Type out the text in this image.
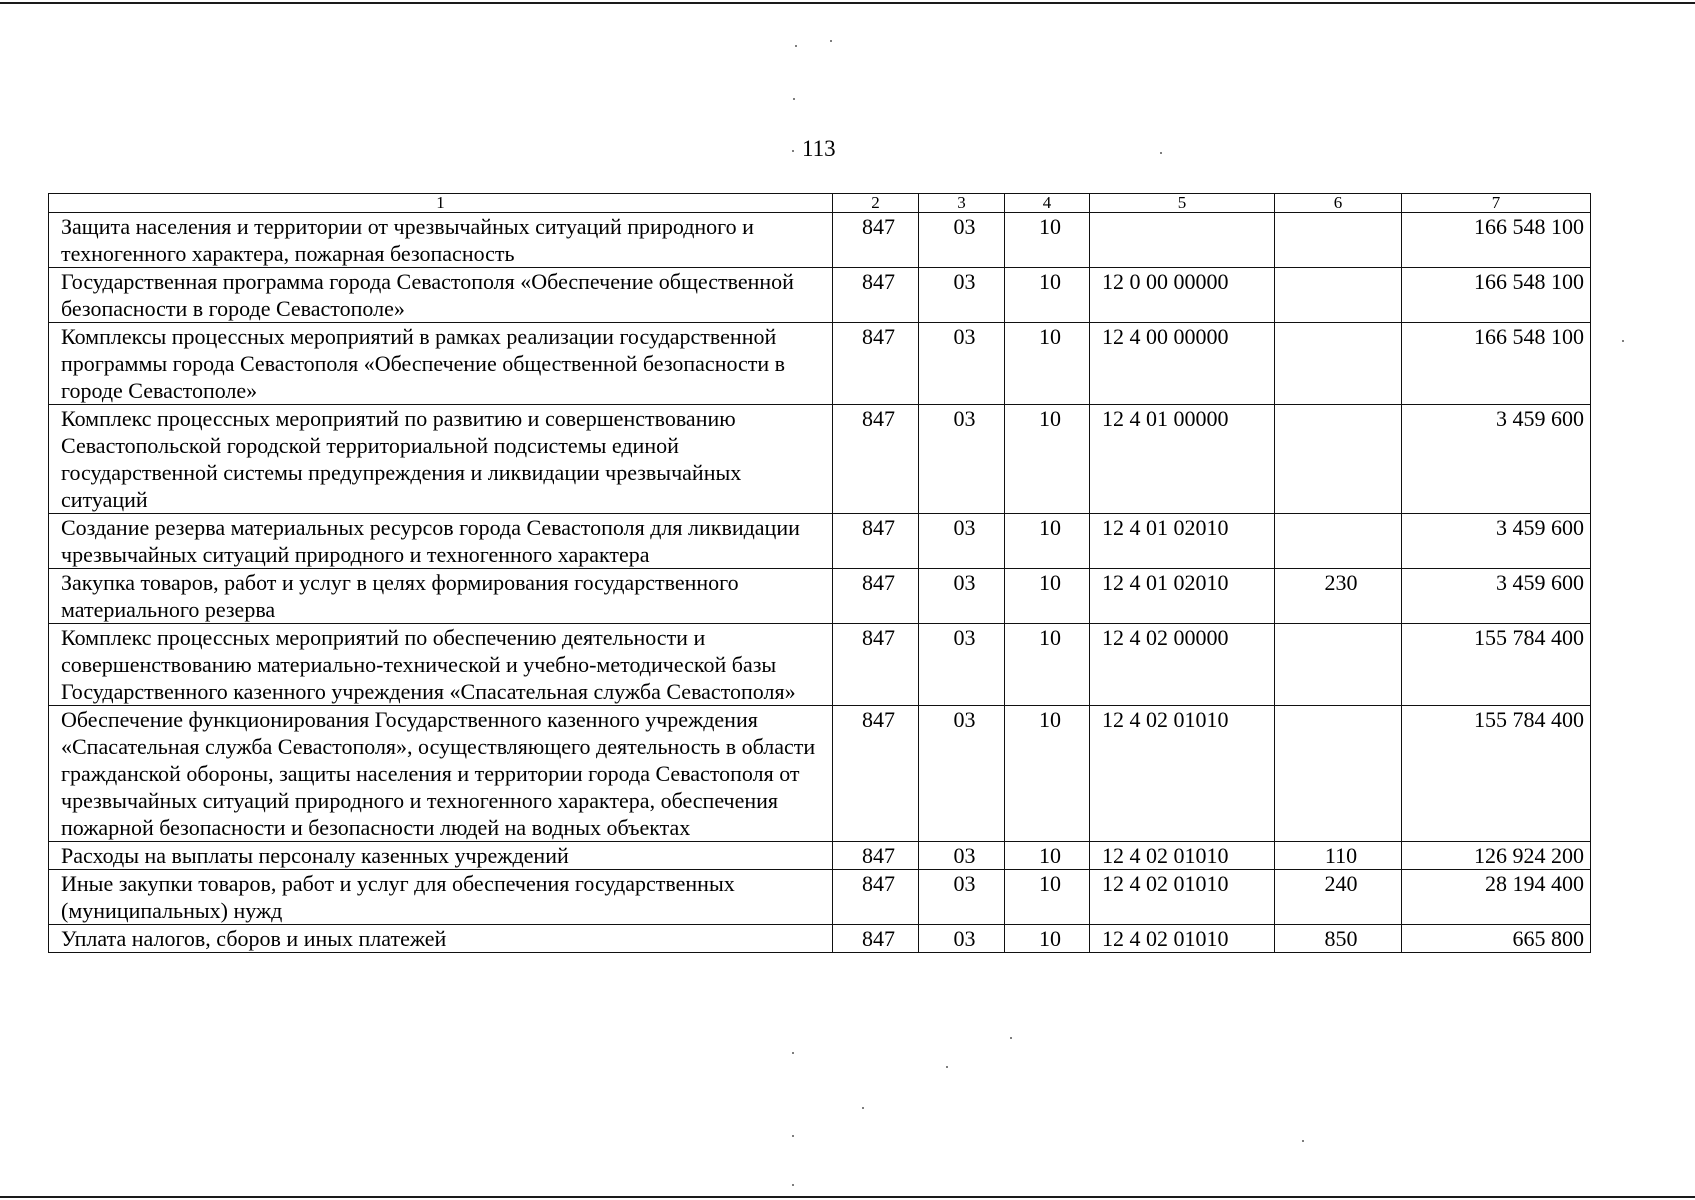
113
1	2	3	4	5	6	7
Защита населения и территории от чрезвычайных ситуаций природного и техногенного характера, пожарная безопасность	847	03	10			166 548 100
Государственная программа города Севастополя «Обеспечение общественной безопасности в городе Севастополе»	847	03	10	12 0 00 00000		166 548 100
Комплексы процессных мероприятий в рамках реализации государственной программы города Севастополя «Обеспечение общественной безопасности в городе Севастополе»	847	03	10	12 4 00 00000		166 548 100
Комплекс процессных мероприятий по развитию и совершенствованию Севастопольской городской территориальной подсистемы единой государственной системы предупреждения и ликвидации чрезвычайных ситуаций	847	03	10	12 4 01 00000		3 459 600
Создание резерва материальных ресурсов города Севастополя для ликвидации чрезвычайных ситуаций природного и техногенного характера	847	03	10	12 4 01 02010		3 459 600
Закупка товаров, работ и услуг в целях формирования государственного материального резерва	847	03	10	12 4 01 02010	230	3 459 600
Комплекс процессных мероприятий по обеспечению деятельности и совершенствованию материально-технической и учебно-методической базы Государственного казенного учреждения «Спасательная служба Севастополя»	847	03	10	12 4 02 00000		155 784 400
Обеспечение функционирования Государственного казенного учреждения «Спасательная служба Севастополя», осуществляющего деятельность в области гражданской обороны, защиты населения и территории города Севастополя от чрезвычайных ситуаций природного и техногенного характера, обеспечения пожарной безопасности и безопасности людей на водных объектах	847	03	10	12 4 02 01010		155 784 400
Расходы на выплаты персоналу казенных учреждений	847	03	10	12 4 02 01010	110	126 924 200
Иные закупки товаров, работ и услуг для обеспечения государственных (муниципальных) нужд	847	03	10	12 4 02 01010	240	28 194 400
Уплата налогов, сборов и иных платежей	847	03	10	12 4 02 01010	850	665 800
